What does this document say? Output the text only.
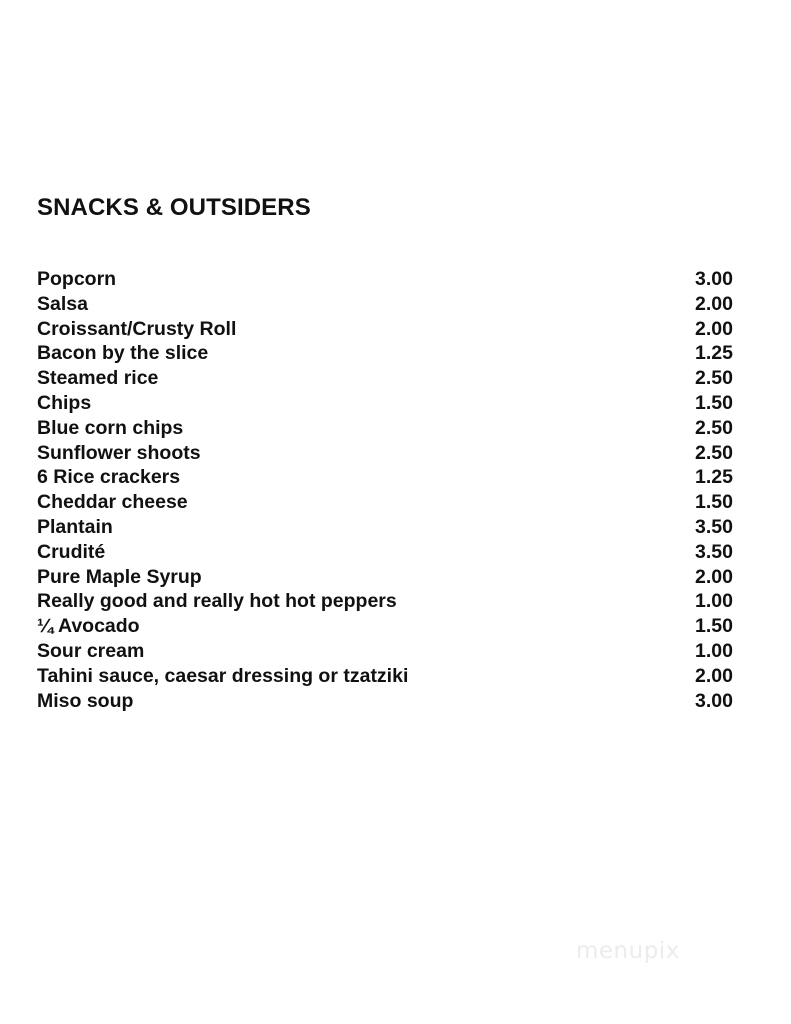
SNACKS & OUTSIDERS
Popcorn	3.00
Salsa	2.00
Croissant/Crusty Roll	2.00
Bacon by the slice	1.25
Steamed rice	2.50
Chips	1.50
Blue corn chips	2.50
Sunflower shoots	2.50
6 Rice crackers	1.25
Cheddar cheese	1.50
Plantain	3.50
Crudité	3.50
Pure Maple Syrup	2.00
Really good and really hot hot peppers	1.00
¼ Avocado	1.50
Sour cream	1.00
Tahini sauce, caesar dressing or tzatziki	2.00
Miso soup	3.00
menupix
